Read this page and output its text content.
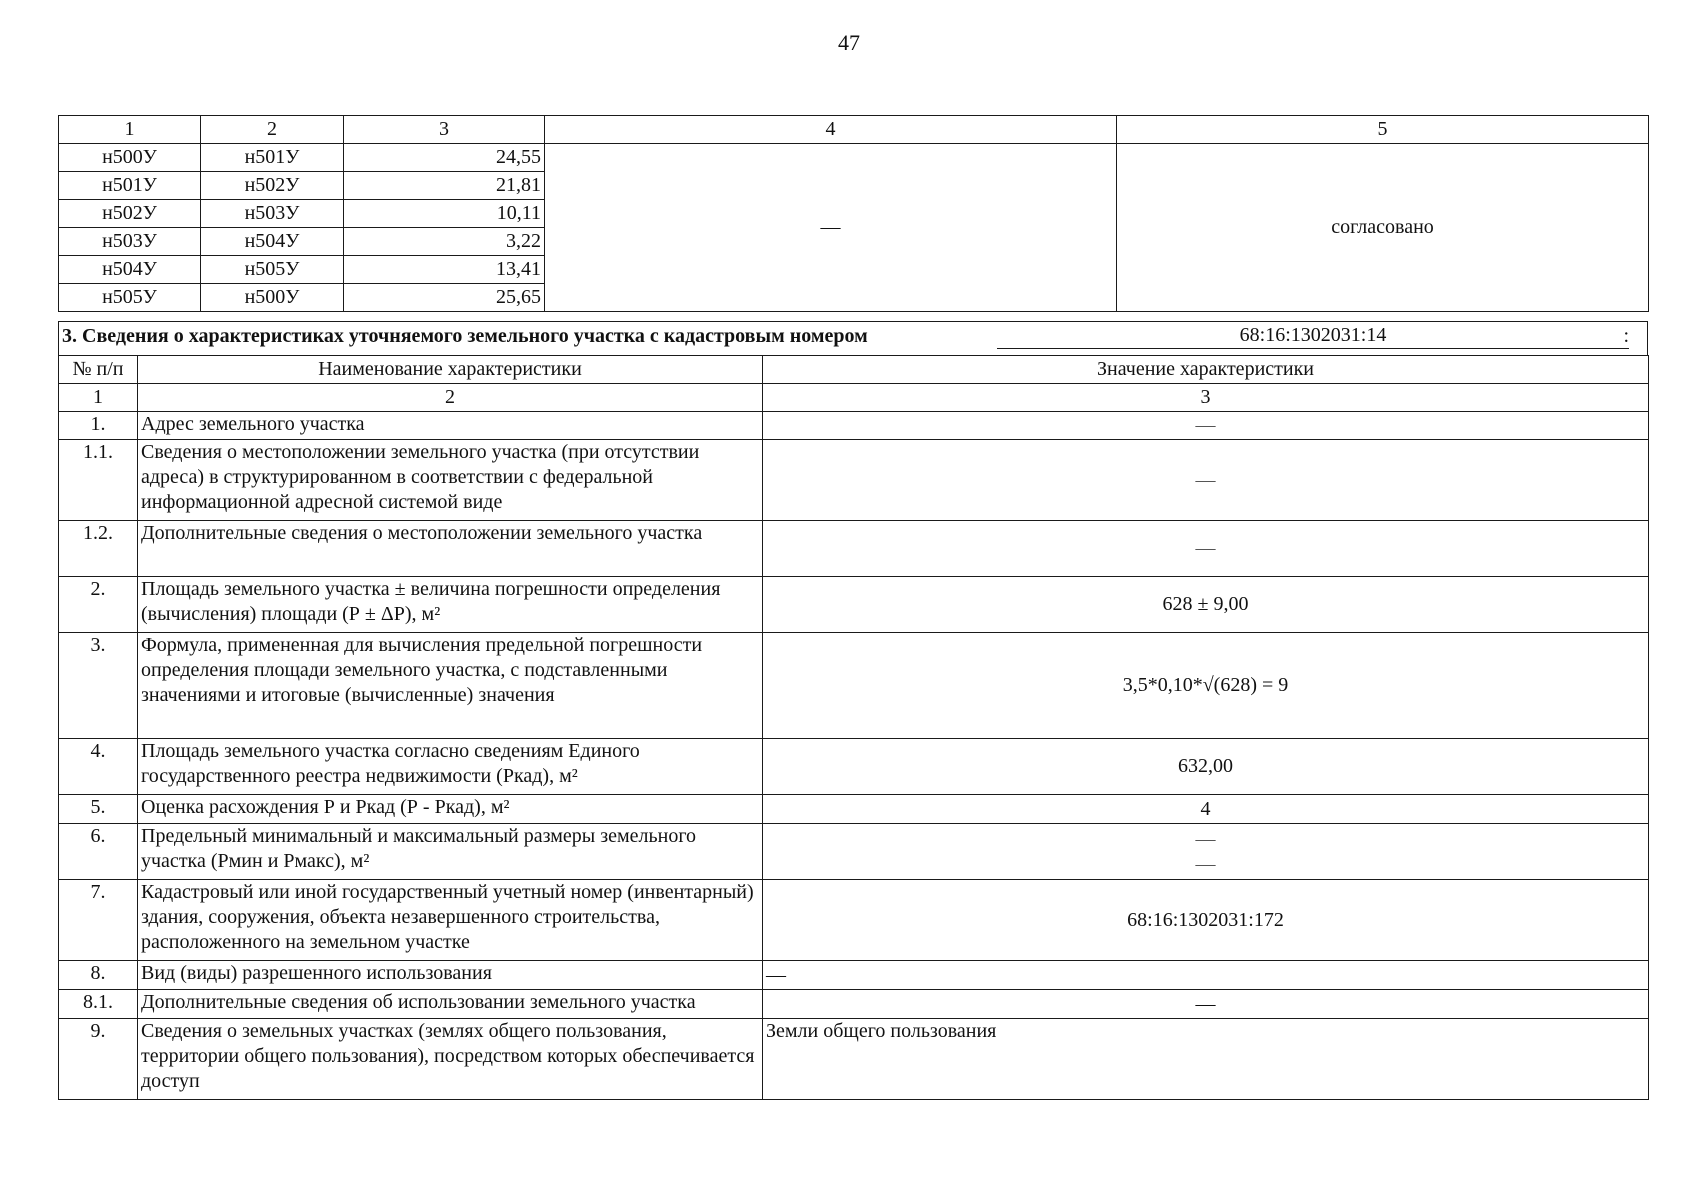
47
1	2	3	4	5
н500У	н501У	24,55	—	согласовано
н501У	н502У	21,81		
н502У	н503У	10,11		
н503У	н504У	3,22		
н504У	н505У	13,41		
н505У	н500У	25,65		
3. Сведения о характеристиках уточняемого земельного участка с кадастровым номером	68:16:1302031:14	:
№ п/п	Наименование характеристики	Значение характеристики
1	2	3
1.	Адрес земельного участка	—
1.1.	Сведения о местоположении земельного участка (при отсутствии адреса) в структурированном в соответствии с федеральной информационной адресной системой виде	—
1.2.	Дополнительные сведения о местоположении земельного участка	—
2.	Площадь земельного участка ± величина погрешности определения (вычисления) площади (Р ± ΔР), м²	628 ± 9,00
3.	Формула, примененная для вычисления предельной погрешности определения площади земельного участка, с подставленными значениями и итоговые (вычисленные) значения	3,5*0,10*√(628) = 9
4.	Площадь земельного участка согласно сведениям Единого государственного реестра недвижимости (Ркад), м²	632,00
5.	Оценка расхождения Р и Ркад (Р - Ркад), м²	4
6.	Предельный минимальный и максимальный размеры земельного участка (Рмин и Рмакс), м²	—
—

7.	Кадастровый или иной государственный учетный номер (инвентарный) здания, сооружения, объекта незавершенного строительства, расположенного на земельном участке	68:16:1302031:172
8.	Вид (виды) разрешенного использования	—
8.1.	Дополнительные сведения об использовании земельного участка	—
9.	Сведения о земельных участках (землях общего пользования, территории общего пользования), посредством которых обеспечивается доступ	Земли общего пользования
